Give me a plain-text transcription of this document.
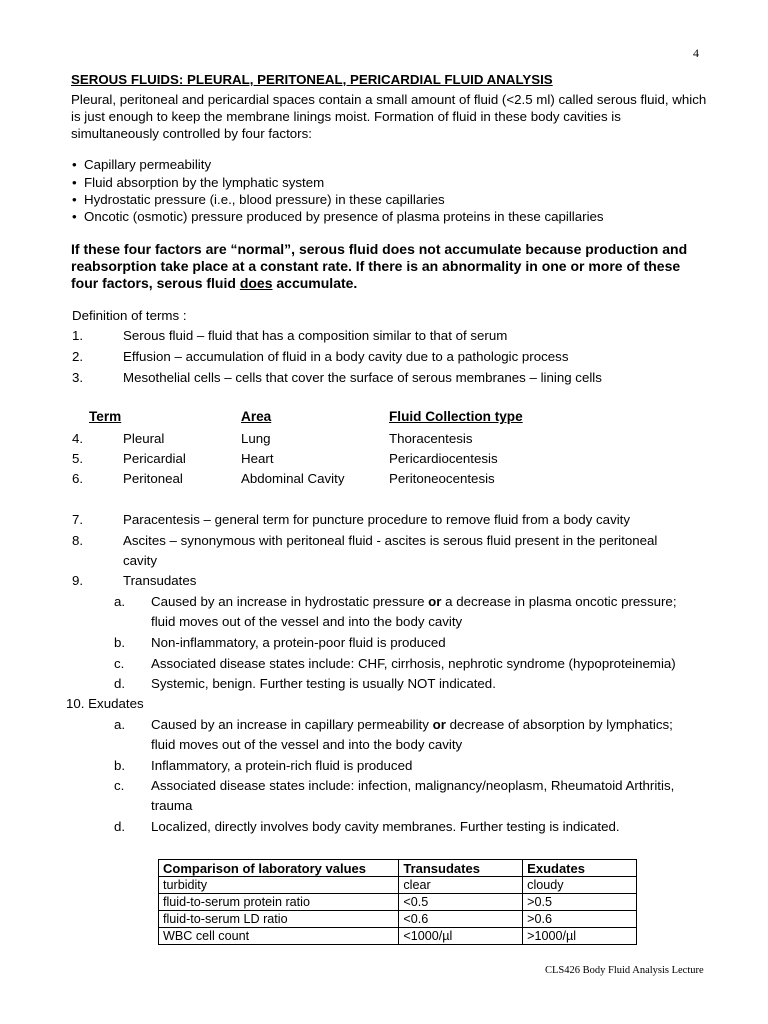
4
SEROUS FLUIDS: PLEURAL, PERITONEAL, PERICARDIAL FLUID ANALYSIS
Pleural, peritoneal and pericardial spaces contain a small amount of fluid (<2.5 ml) called serous fluid, which is just enough to keep the membrane linings moist. Formation of fluid in these body cavities is simultaneously controlled by four factors:
• Capillary permeability
• Fluid absorption by the lymphatic system
• Hydrostatic pressure (i.e., blood pressure) in these capillaries
• Oncotic (osmotic) pressure produced by presence of plasma proteins in these capillaries
If these four factors are “normal”, serous fluid does not accumulate because production and reabsorption take place at a constant rate. If there is an abnormality in one or more of these four factors, serous fluid does accumulate.
Definition of terms :
1.	Serous fluid – fluid that has a composition similar to that of serum
2.	Effusion – accumulation of fluid in a body cavity due to a pathologic process
3.	Mesothelial cells – cells that cover the surface of serous membranes – lining cells
Term	Area	Fluid Collection type
4.	Pleural	Lung	Thoracentesis
5.	Pericardial	Heart	Pericardiocentesis
6.	Peritoneal	Abdominal Cavity	Peritoneocentesis
7.	Paracentesis – general term for puncture procedure to remove fluid from a body cavity
8.	Ascites – synonymous with peritoneal fluid - ascites is serous fluid present in the peritoneal
cavity
9.	Transudates
a. Caused by an increase in hydrostatic pressure or a decrease in plasma oncotic pressure;
fluid moves out of the vessel and into the body cavity
b. Non-inflammatory, a protein-poor fluid is produced
c. Associated disease states include: CHF, cirrhosis, nephrotic syndrome (hypoproteinemia)
d. Systemic, benign. Further testing is usually NOT indicated.
10. Exudates
a. Caused by an increase in capillary permeability or decrease of absorption by lymphatics;
fluid moves out of the vessel and into the body cavity
b. Inflammatory, a protein-rich fluid is produced
c. Associated disease states include: infection, malignancy/neoplasm, Rheumatoid Arthritis,
trauma
d. Localized, directly involves body cavity membranes. Further testing is indicated.
Comparison of laboratory values	Transudates	Exudates
turbidity	clear	cloudy
fluid-to-serum protein ratio	<0.5	>0.5
fluid-to-serum LD ratio	<0.6	>0.6
WBC cell count	<1000/µl	>1000/µl
CLS426 Body Fluid Analysis Lecture
